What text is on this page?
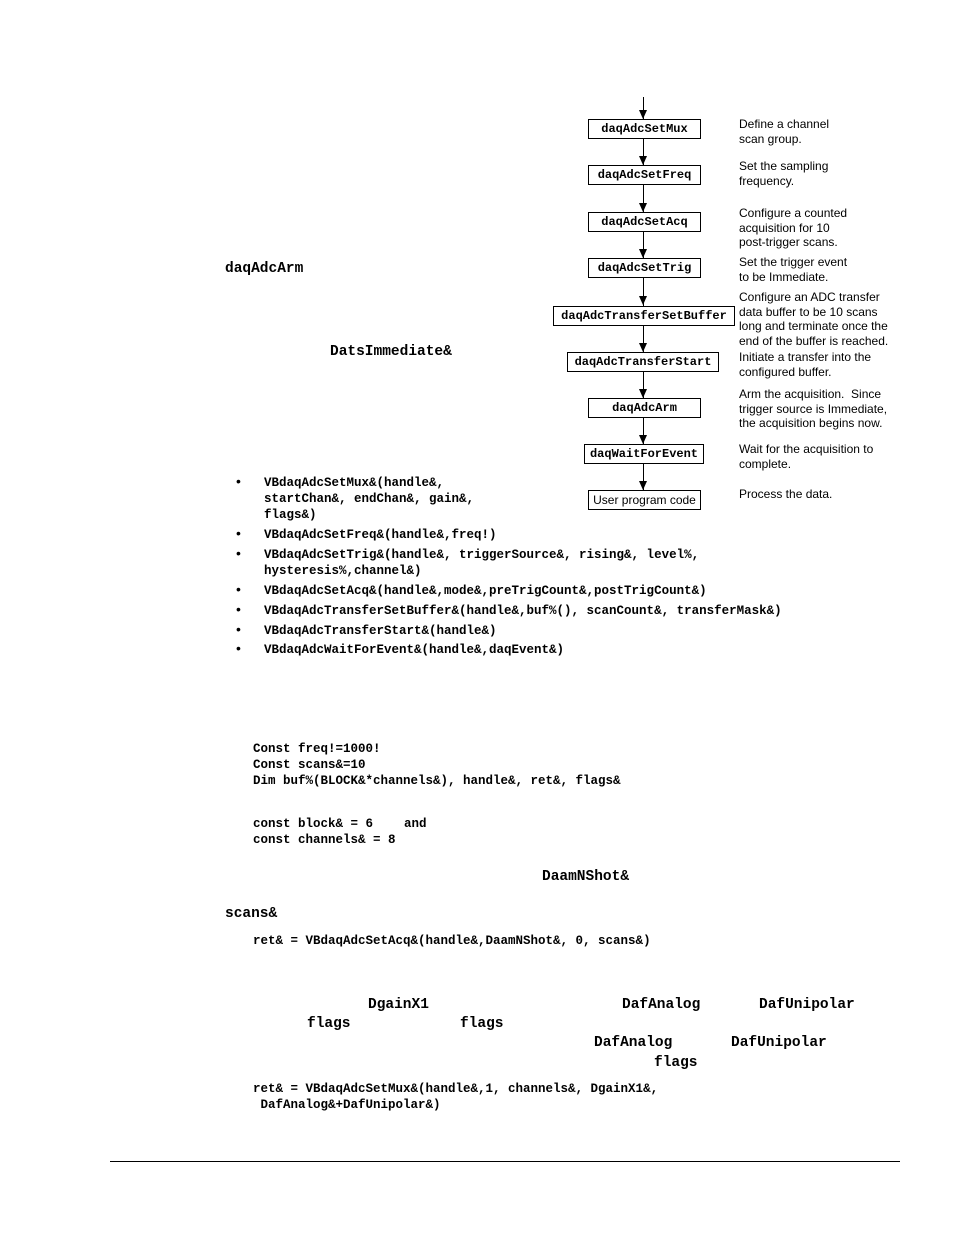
daqAdcSetMux	Define a channel
scan group.
daqAdcSetFreq
Set the sampling
frequency.
daqAdcSetAcq
Configure a counted
acquisition for 10
post-trigger scans.
daqAdcSetTrig	Set the trigger event
to be Immediate.
daqAdcTransferSetBuffer
Configure an ADC transfer
data buffer to be 10 scans
long and terminate once the
end of the buffer is reached.
daqAdcTransferStart	Initiate a transfer into the
configured buffer.
daqAdcArm
Arm the acquisition.  Since
trigger source is Immediate,
the acquisition begins now.
daqWaitForEvent	Wait for the acquisition to
complete.
User program code	Process the data.
daqAdcArm
DatsImmediate&
• VBdaqAdcSetMux&(handle&,
startChan&, endChan&, gain&,
flags&)
• VBdaqAdcSetFreq&(handle&,freq!)
• VBdaqAdcSetTrig&(handle&, triggerSource&, rising&, level%,
hysteresis%,channel&)
• VBdaqAdcSetAcq&(handle&,mode&,preTrigCount&,postTrigCount&)
• VBdaqAdcTransferSetBuffer&(handle&,buf%(), scanCount&, transferMask&)
• VBdaqAdcTransferStart&(handle&)
• VBdaqAdcWaitForEvent&(handle&,daqEvent&)
Const freq!=1000!
Const scans&=10
Dim buf%(BLOCK&*channels&), handle&, ret&, flags&
const block& = 6 and
const channels& = 8
DaamNShot&
scans&
ret& = VBdaqAdcSetAcq&(handle&,DaamNShot&, 0, scans&)
DgainX1	DafAnalog	DafUnipolar
flags	flags
DafAnalog	DafUnipolar
flags
ret& = VBdaqAdcSetMux&(handle&,1, channels&, DgainX1&,
DafAnalog&+DafUnipolar&)
